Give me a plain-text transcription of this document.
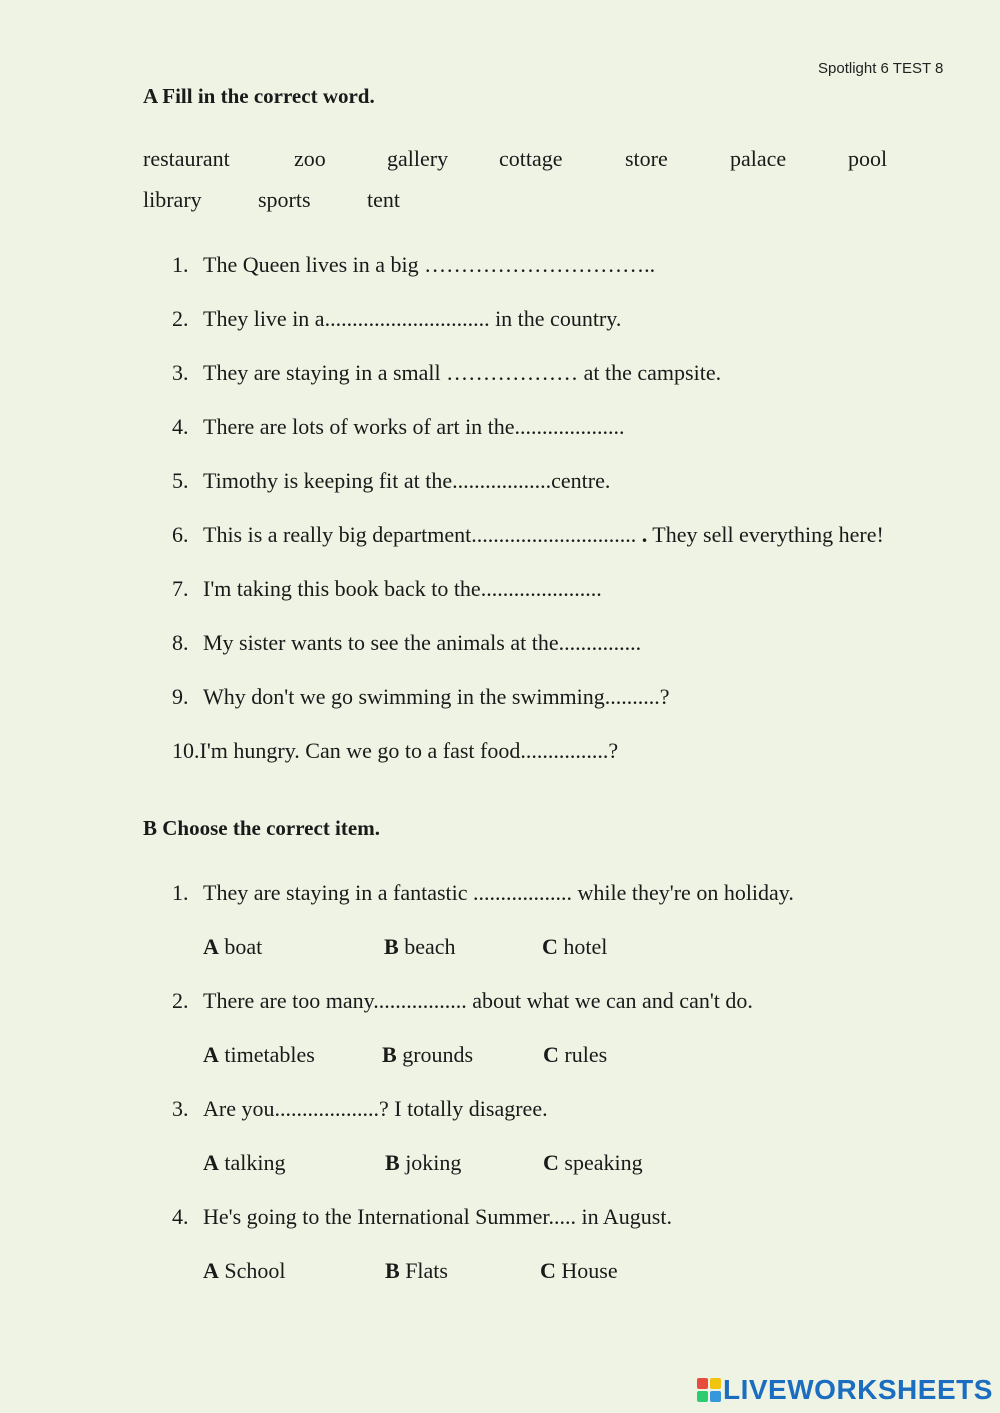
Spotlight 6 TEST 8
A Fill in the correct word.
restaurant	zoo	gallery cottage	store	palace	pool
library	sports	tent
1. The Queen lives in a big …………………………..
2. They live in a.............................. in the country.
3. They are staying in a small ……………… at the campsite.
4. There are lots of works of art in the....................
5. Timothy is keeping fit at the..................centre.
6. This is a really big department.............................. . They sell everything here!
7. I'm taking this book back to the......................
8. My sister wants to see the animals at the...............
9. Why don't we go swimming in the swimming..........?
10.I'm hungry. Can we go to a fast food................?
B Choose the correct item.
1. They are staying in a fantastic .................. while they're on holiday.
A boat	B beach	C hotel
2. There are too many................. about what we can and can't do.
A timetables	B grounds	C rules
3. Are you...................? I totally disagree.
A talking	B joking	C speaking
4. He's going to the International Summer..... in August.
A School	B Flats	C House
LIVEWORKSHEETS
